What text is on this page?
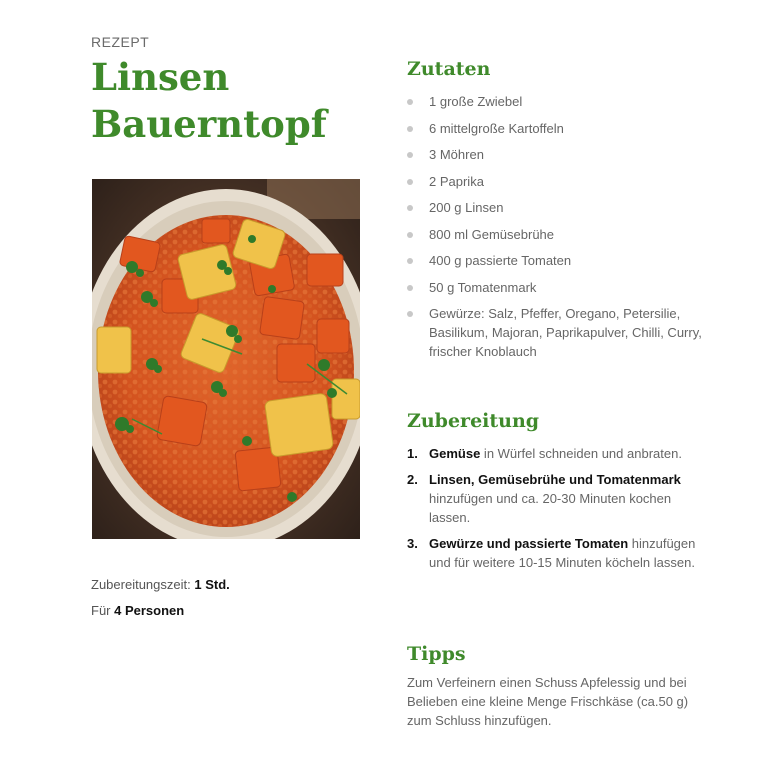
REZEPT
Linsen Bauerntopf
Zubereitungszeit: 1 Std.
Für 4 Personen
Zutaten
1 große Zwiebel
6 mittelgroße Kartoffeln
3 Möhren
2 Paprika
200 g Linsen
800 ml Gemüsebrühe
400 g passierte Tomaten
50 g Tomatenmark
Gewürze: Salz, Pfeffer, Oregano, Petersilie, Basilikum, Majoran, Paprikapulver, Chilli, Curry, frischer Knoblauch
Zubereitung
1. Gemüse in Würfel schneiden und anbraten.
2. Linsen, Gemüsebrühe und Tomatenmark hinzufügen und ca. 20-30 Minuten kochen lassen.
3. Gewürze und passierte Tomaten hinzufügen und für weitere 10-15 Minuten köcheln lassen.
Tipps

Zum Verfeinern einen Schuss Apfelessig und bei Belieben eine kleine Menge Frischkäse (ca.50 g) zum Schluss hinzufügen.
